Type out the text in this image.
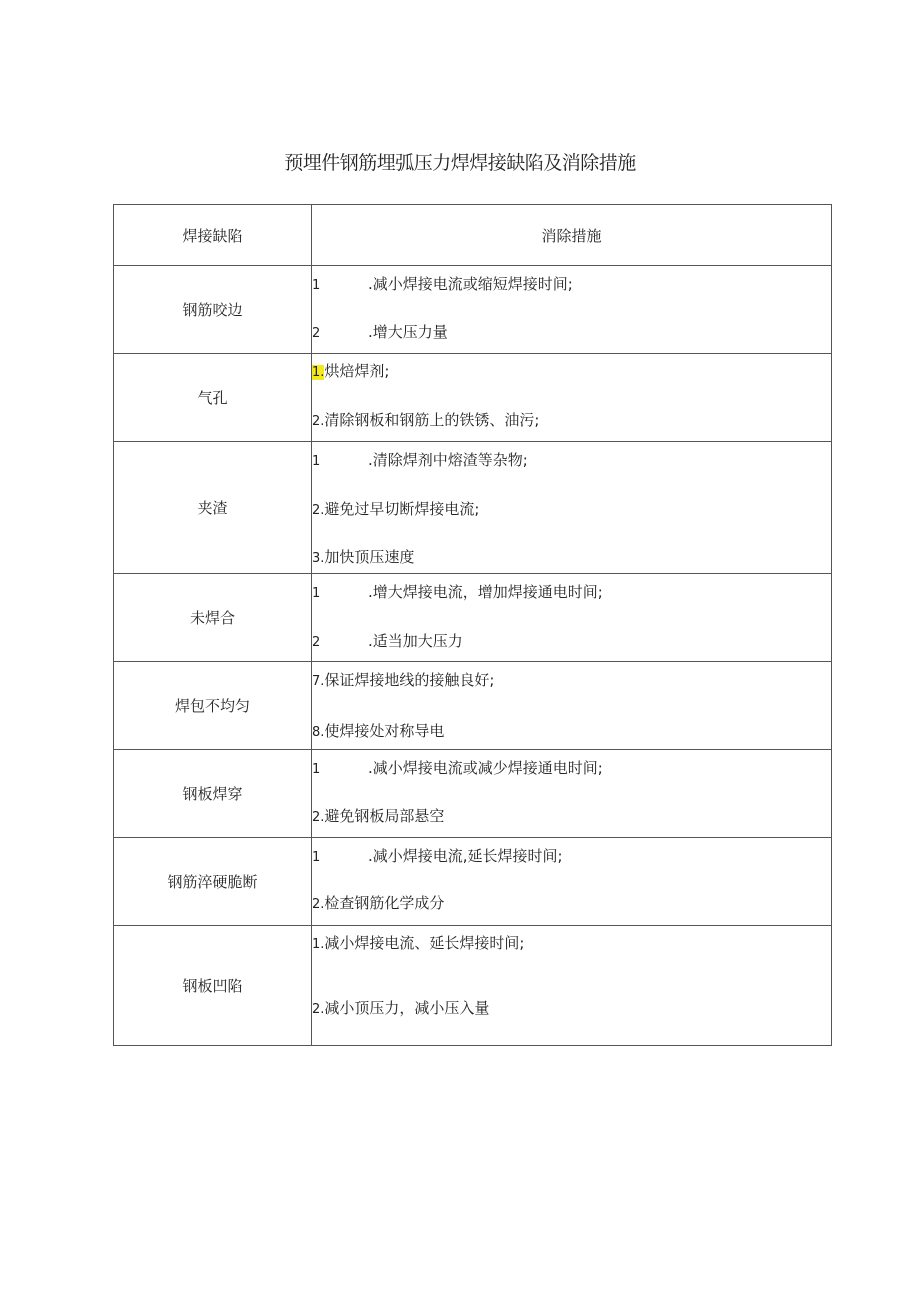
预埋件钢筋埋弧压力焊焊接缺陷及消除措施
焊接缺陷	消除措施
钢筋咬边	1 .减小焊接电流或缩短焊接时间;
2 .增大压力量

气孔	1.烘焙焊剂;
2.清除钢板和钢筋上的铁锈、油污;

夹渣	1 .清除焊剂中熔渣等杂物;
2.避免过早切断焊接电流;
3.加快顶压速度

未焊合	1 .增大焊接电流，增加焊接通电时间;
2 .适当加大压力

焊包不均匀	7.保证焊接地线的接触良好;
8.使焊接处对称导电

钢板焊穿	1 .减小焊接电流或减少焊接通电时间;
2.避免钢板局部悬空

钢筋淬硬脆断	1 .减小焊接电流,延长焊接时间;
2.检查钢筋化学成分

钢板凹陷	1.减小焊接电流、延长焊接时间;
2.减小顶压力，减小压入量
